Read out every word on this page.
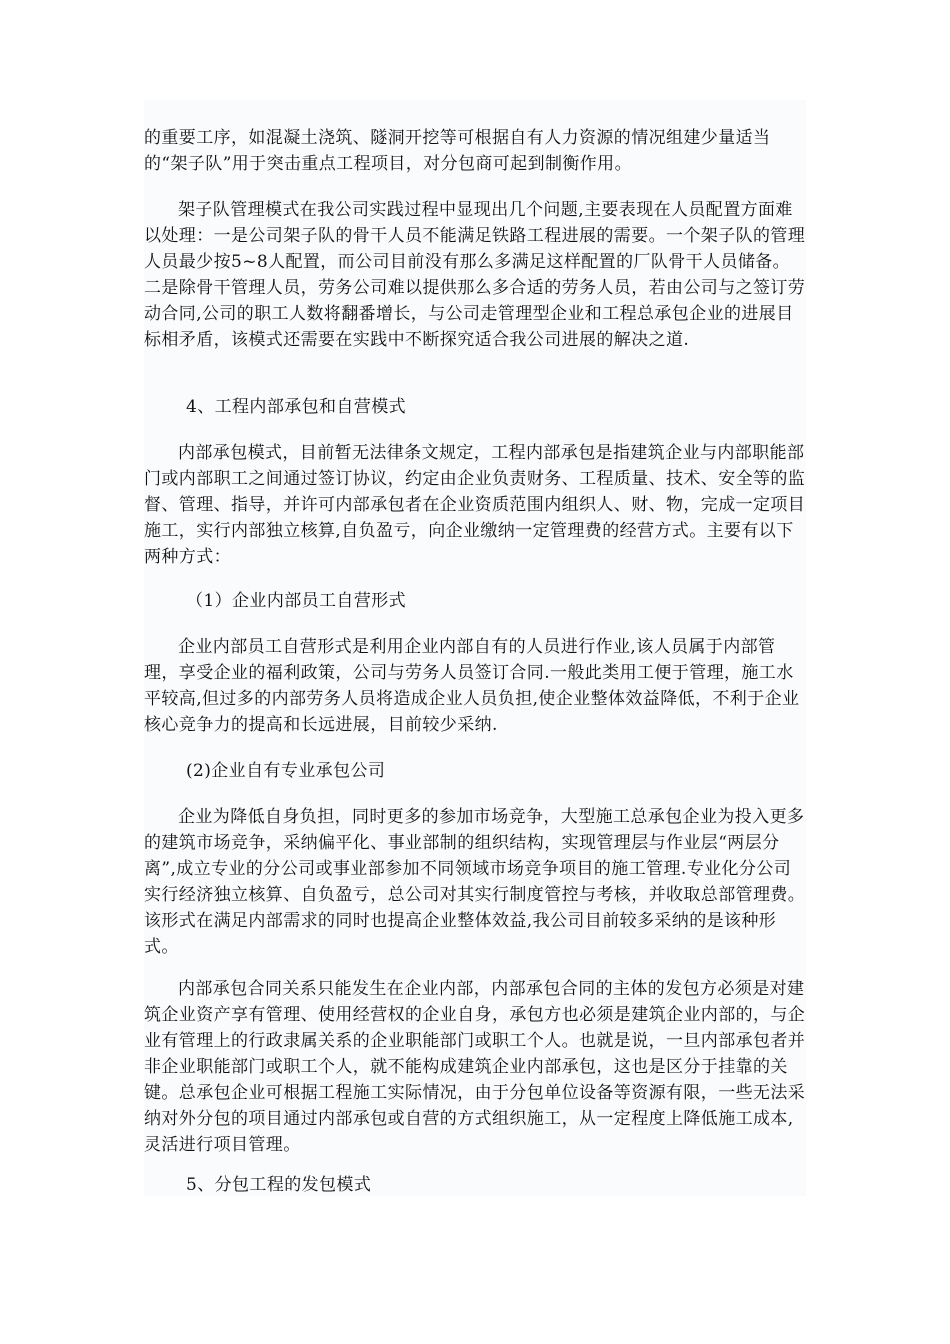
的重要工序，如混凝土浇筑、隧洞开挖等可根据自有人力资源的情况组建少量适当的“架子队”用于突击重点工程项目，对分包商可起到制衡作用。

架子队管理模式在我公司实践过程中显现出几个问题,主要表现在人员配置方面难以处理：一是公司架子队的骨干人员不能满足铁路工程进展的需要。一个架子队的管理人员最少按5~8人配置，而公司目前没有那么多满足这样配置的厂队骨干人员储备。二是除骨干管理人员，劳务公司难以提供那么多合适的劳务人员，若由公司与之签订劳动合同,公司的职工人数将翻番增长，与公司走管理型企业和工程总承包企业的进展目标相矛盾，该模式还需要在实践中不断探究适合我公司进展的解决之道.

4、工程内部承包和自营模式

内部承包模式，目前暂无法律条文规定，工程内部承包是指建筑企业与内部职能部门或内部职工之间通过签订协议，约定由企业负责财务、工程质量、技术、安全等的监督、管理、指导，并许可内部承包者在企业资质范围内组织人、财、物，完成一定项目施工，实行内部独立核算,自负盈亏，向企业缴纳一定管理费的经营方式。主要有以下两种方式：

（1）企业内部员工自营形式

企业内部员工自营形式是利用企业内部自有的人员进行作业,该人员属于内部管理，享受企业的福利政策，公司与劳务人员签订合同.一般此类用工便于管理，施工水平较高,但过多的内部劳务人员将造成企业人员负担,使企业整体效益降低，不利于企业核心竞争力的提高和长远进展，目前较少采纳.

(2)企业自有专业承包公司

企业为降低自身负担，同时更多的参加市场竞争，大型施工总承包企业为投入更多的建筑市场竞争，采纳偏平化、事业部制的组织结构，实现管理层与作业层“两层分离”,成立专业的分公司或事业部参加不同领域市场竞争项目的施工管理.专业化分公司实行经济独立核算、自负盈亏，总公司对其实行制度管控与考核，并收取总部管理费。该形式在满足内部需求的同时也提高企业整体效益,我公司目前较多采纳的是该种形式。

内部承包合同关系只能发生在企业内部，内部承包合同的主体的发包方必须是对建筑企业资产享有管理、使用经营权的企业自身，承包方也必须是建筑企业内部的，与企业有管理上的行政隶属关系的企业职能部门或职工个人。也就是说，一旦内部承包者并非企业职能部门或职工个人，就不能构成建筑企业内部承包，这也是区分于挂靠的关键。总承包企业可根据工程施工实际情况，由于分包单位设备等资源有限，一些无法采纳对外分包的项目通过内部承包或自营的方式组织施工，从一定程度上降低施工成本,灵活进行项目管理。

5、分包工程的发包模式
